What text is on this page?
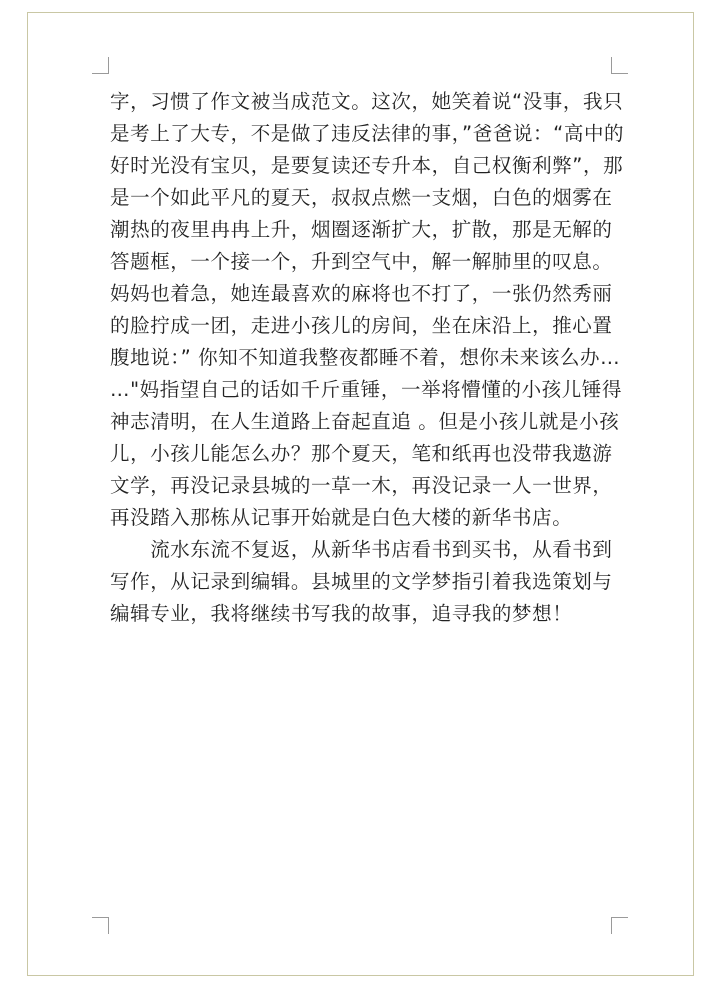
字，习惯了作文被当成范文。这次，她笑着说“没事，我只
是考上了大专，不是做了违反法律的事，”爸爸说：“高中的
好时光没有宝贝，是要复读还专升本，自己权衡利弊”，那
是一个如此平凡的夏天，叔叔点燃一支烟，白色的烟雾在
潮热的夜里冉冉上升，烟圈逐渐扩大，扩散，那是无解的
答题框，一个接一个，升到空气中，解一解肺里的叹息。
妈妈也着急，她连最喜欢的麻将也不打了，一张仍然秀丽
的脸拧成一团，走进小孩儿的房间，坐在床沿上，推心置
腹地说：” 你知不知道我整夜都睡不着，想你未来该么办…
…"妈指望自己的话如千斤重锤，一举将懵懂的小孩儿锤得
神志清明，在人生道路上奋起直追 。但是小孩儿就是小孩
儿，小孩儿能怎么办？那个夏天，笔和纸再也没带我遨游
文学，再没记录县城的一草一木，再没记录一人一世界，
再没踏入那栋从记事开始就是白色大楼的新华书店。
　　流水东流不复返，从新华书店看书到买书，从看书到
写作，从记录到编辑。县城里的文学梦指引着我选策划与
编辑专业，我将继续书写我的故事，追寻我的梦想！
